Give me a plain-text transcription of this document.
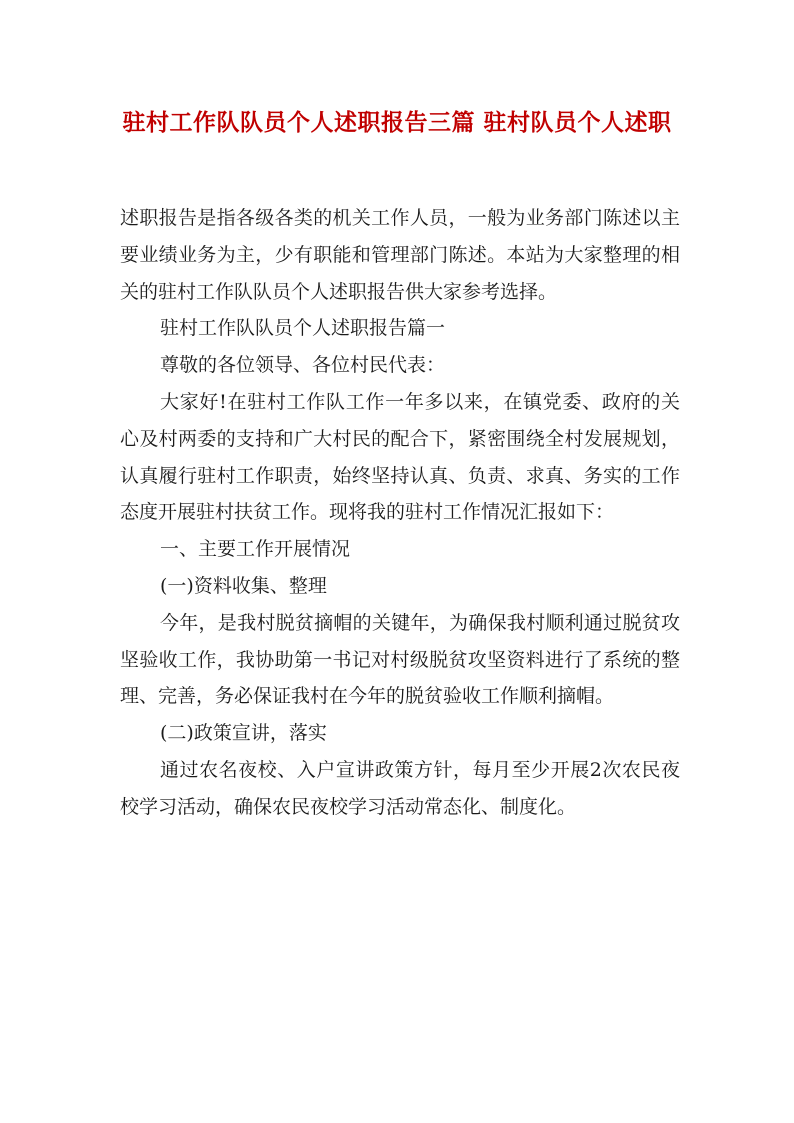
驻村工作队队员个人述职报告三篇 驻村队员个人述职

述职报告是指各级各类的机关工作人员，一般为业务部门陈述以主要业绩业务为主，少有职能和管理部门陈述。本站为大家整理的相关的驻村工作队队员个人述职报告供大家参考选择。

驻村工作队队员个人述职报告篇一

尊敬的各位领导、各位村民代表：

大家好!在驻村工作队工作一年多以来，在镇党委、政府的关心及村两委的支持和广大村民的配合下，紧密围绕全村发展规划，认真履行驻村工作职责，始终坚持认真、负责、求真、务实的工作态度开展驻村扶贫工作。现将我的驻村工作情况汇报如下：

一、主要工作开展情况

(一)资料收集、整理

今年，是我村脱贫摘帽的关键年，为确保我村顺利通过脱贫攻坚验收工作，我协助第一书记对村级脱贫攻坚资料进行了系统的整理、完善，务必保证我村在今年的脱贫验收工作顺利摘帽。

(二)政策宣讲，落实

通过农名夜校、入户宣讲政策方针，每月至少开展2次农民夜校学习活动，确保农民夜校学习活动常态化、制度化。
